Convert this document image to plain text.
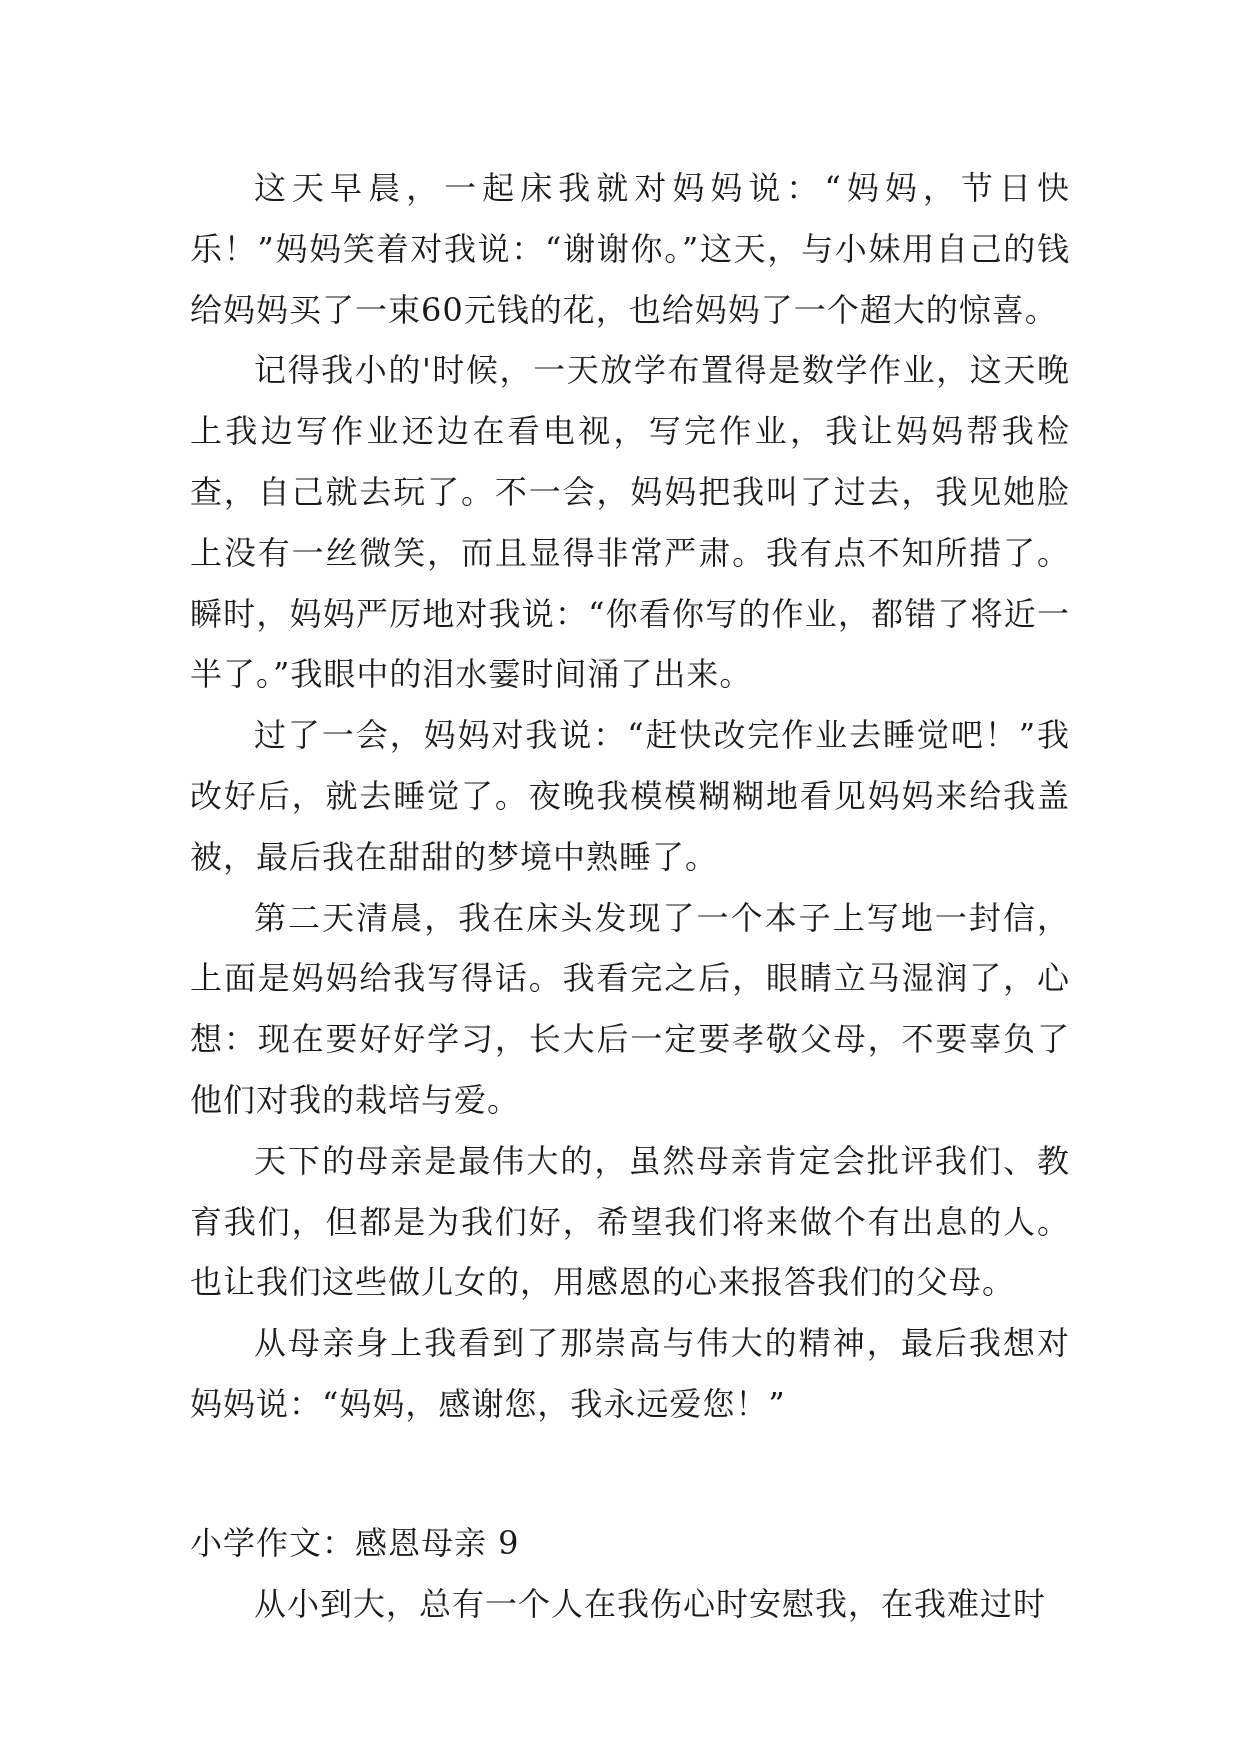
这天早晨，一起床我就对妈妈说：“妈妈，节日快乐！”妈妈笑着对我说：“谢谢你。”这天，与小妹用自己的钱给妈妈买了一束60元钱的花，也给妈妈了一个超大的惊喜。

记得我小的'时候，一天放学布置得是数学作业，这天晚上我边写作业还边在看电视，写完作业，我让妈妈帮我检查，自己就去玩了。不一会，妈妈把我叫了过去，我见她脸上没有一丝微笑，而且显得非常严肃。我有点不知所措了。瞬时，妈妈严厉地对我说：“你看你写的作业，都错了将近一半了。”我眼中的泪水霎时间涌了出来。

过了一会，妈妈对我说：“赶快改完作业去睡觉吧！”我改好后，就去睡觉了。夜晚我模模糊糊地看见妈妈来给我盖被，最后我在甜甜的梦境中熟睡了。

第二天清晨，我在床头发现了一个本子上写地一封信，上面是妈妈给我写得话。我看完之后，眼睛立马湿润了，心想：现在要好好学习，长大后一定要孝敬父母，不要辜负了他们对我的栽培与爱。

天下的母亲是最伟大的，虽然母亲肯定会批评我们、教育我们，但都是为我们好，希望我们将来做个有出息的人。也让我们这些做儿女的，用感恩的心来报答我们的父母。

从母亲身上我看到了那崇高与伟大的精神，最后我想对妈妈说：“妈妈，感谢您，我永远爱您！”

小学作文：感恩母亲 9

从小到大，总有一个人在我伤心时安慰我，在我难过时
